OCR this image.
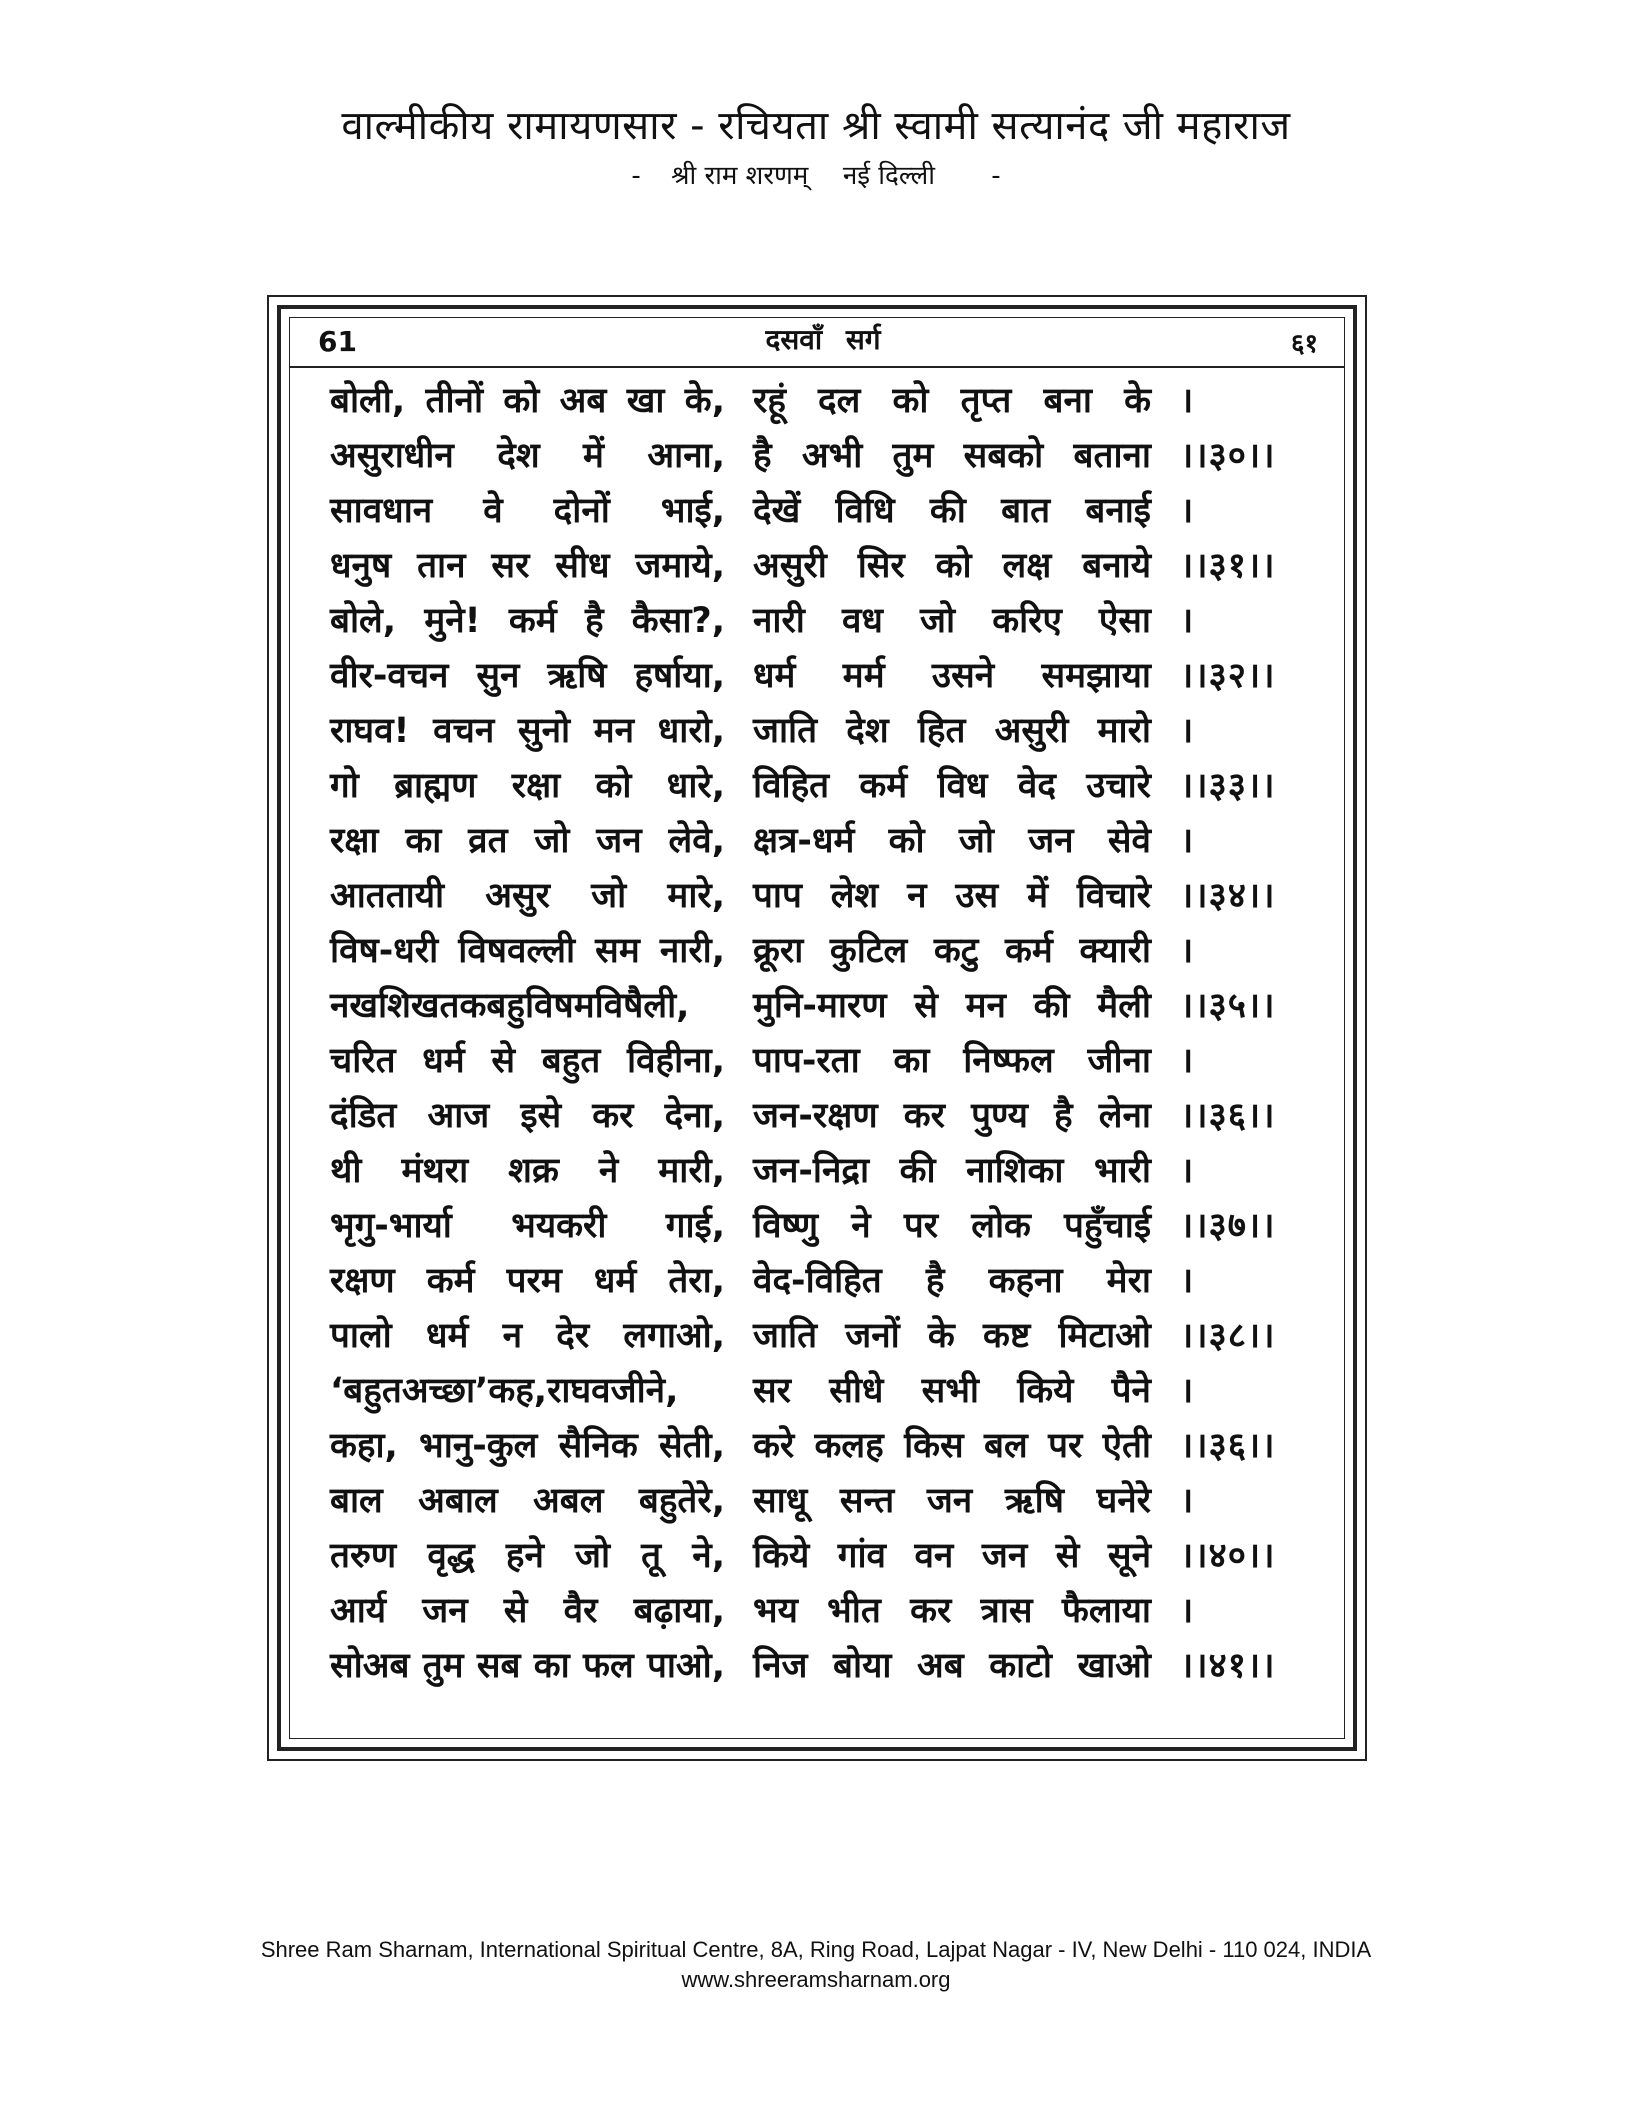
वाल्मीकीय रामायणसार - रचियता श्री स्वामी सत्यानंद जी महाराज
- श्री राम शरणम् नई दिल्ली -
61	दसवाँ सर्ग	६१
बोली, तीनों को अब खा के, रहूं दल को तृप्त बना के ।
असुराधीन देश में आना, है अभी तुम सबको बताना ।।३०।।
सावधान वे दोनों भाई, देखें विधि की बात बनाई ।
धनुष तान सर सीध जमाये, असुरी सिर को लक्ष बनाये ।।३१।।
बोले, मुने! कर्म है कैसा?, नारी वध जो करिए ऐसा ।
वीर-वचन सुन ऋषि हर्षाया, धर्म मर्म उसने समझाया ।।३२।।
राघव! वचन सुनो मन धारो, जाति देश हित असुरी मारो ।
गो ब्राह्मण रक्षा को धारे, विहित कर्म विध वेद उचारे ।।३३।।
रक्षा का व्रत जो जन लेवे, क्षत्र-धर्म को जो जन सेवे ।
आततायी असुर जो मारे, पाप लेश न उस में विचारे ।।३४।।
विष-धरी विषवल्ली सम नारी, क्रूरा कुटिल कटु कर्म क्यारी ।
नखशिखतकबहुविषमविषैली,	मुनि-मारण से मन की मैली ।।३५।।
चरित धर्म से बहुत विहीना, पाप-रता का निष्फल जीना ।
दंडित आज इसे कर देना, जन-रक्षण कर पुण्य है लेना ।।३६।।
थी मंथरा शक्र ने मारी, जन-निद्रा की नाशिका भारी ।
भृगु-भार्या भयकरी गाई, विष्णु ने पर लोक पहुँचाई ।।३७।।
रक्षण कर्म परम धर्म तेरा, वेद-विहित है कहना मेरा ।
पालो धर्म न देर लगाओ, जाति जनों के कष्ट मिटाओ ।।३८।।
‘बहुतअच्छा’कह,राघवजीने,	सर सीधे सभी किये पैने ।
कहा, भानु-कुल सैनिक सेती, करे कलह किस बल पर ऐती ।।३६।।
बाल अबाल अबल बहुतेरे, साधू सन्त जन ऋषि घनेरे ।
तरुण वृद्ध हने जो तू ने, किये गांव वन जन से सूने ।।४०।।
आर्य जन से वैर बढ़ाया, भय भीत कर त्रास फैलाया ।
सोअब तुम सब का फल पाओ, निज बोया अब काटो खाओ ।।४१।।
Shree Ram Sharnam, International Spiritual Centre, 8A, Ring Road, Lajpat Nagar - IV, New Delhi - 110 024, INDIA
www.shreeramsharnam.org
